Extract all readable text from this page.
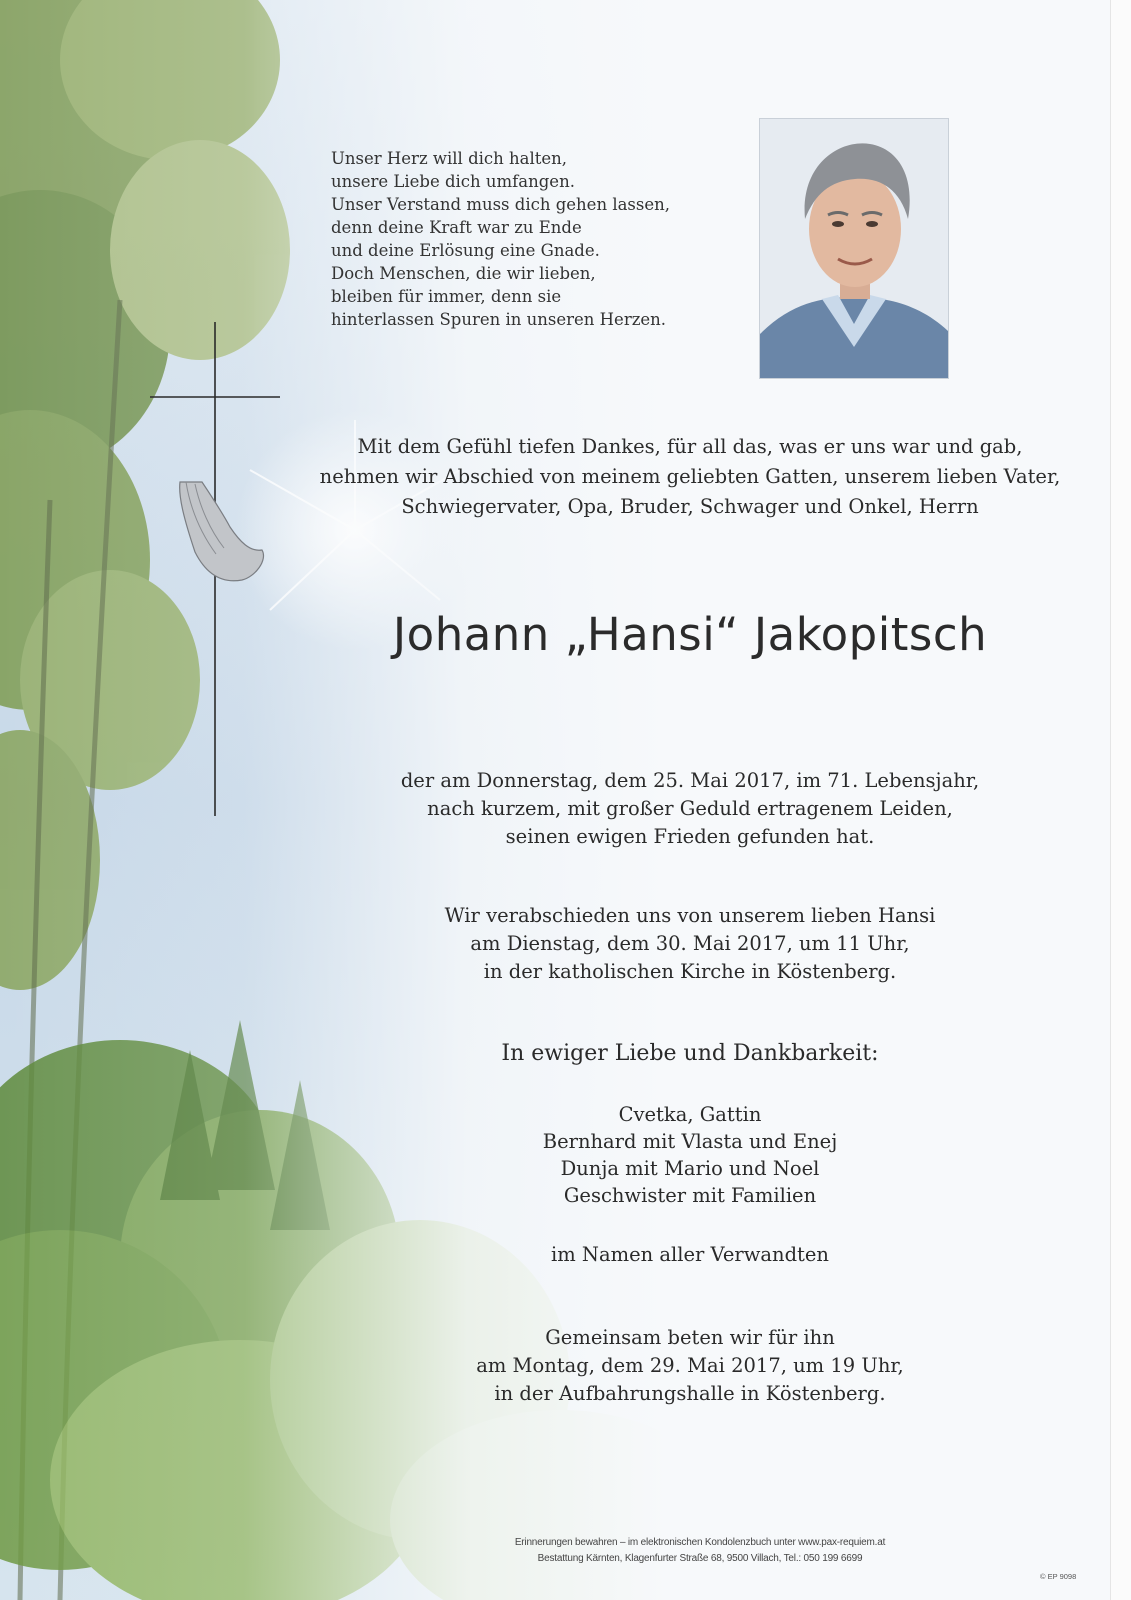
Unser Herz will dich halten,
unsere Liebe dich umfangen.
Unser Verstand muss dich gehen lassen,
denn deine Kraft war zu Ende
und deine Erlösung eine Gnade.
Doch Menschen, die wir lieben,
bleiben für immer, denn sie
hinterlassen Spuren in unseren Herzen.
Mit dem Gefühl tiefen Dankes, für all das, was er uns war und gab,
nehmen wir Abschied von meinem geliebten Gatten, unserem lieben Vater,
Schwiegervater, Opa, Bruder, Schwager und Onkel, Herrn
Johann „Hansi“ Jakopitsch
der am Donnerstag, dem 25. Mai 2017, im 71. Lebensjahr,
nach kurzem, mit großer Geduld ertragenem Leiden,
seinen ewigen Frieden gefunden hat.
Wir verabschieden uns von unserem lieben Hansi
am Dienstag, dem 30. Mai 2017, um 11 Uhr,
in der katholischen Kirche in Köstenberg.
In ewiger Liebe und Dankbarkeit:
Cvetka, Gattin
Bernhard mit Vlasta und Enej
Dunja mit Mario und Noel
Geschwister mit Familien
im Namen aller Verwandten
Gemeinsam beten wir für ihn
am Montag, dem 29. Mai 2017, um 19 Uhr,
in der Aufbahrungshalle in Köstenberg.
Erinnerungen bewahren – im elektronischen Kondolenzbuch unter www.pax-requiem.at
Bestattung Kärnten, Klagenfurter Straße 68, 9500 Villach, Tel.: 050 199 6699
© EP 9098
